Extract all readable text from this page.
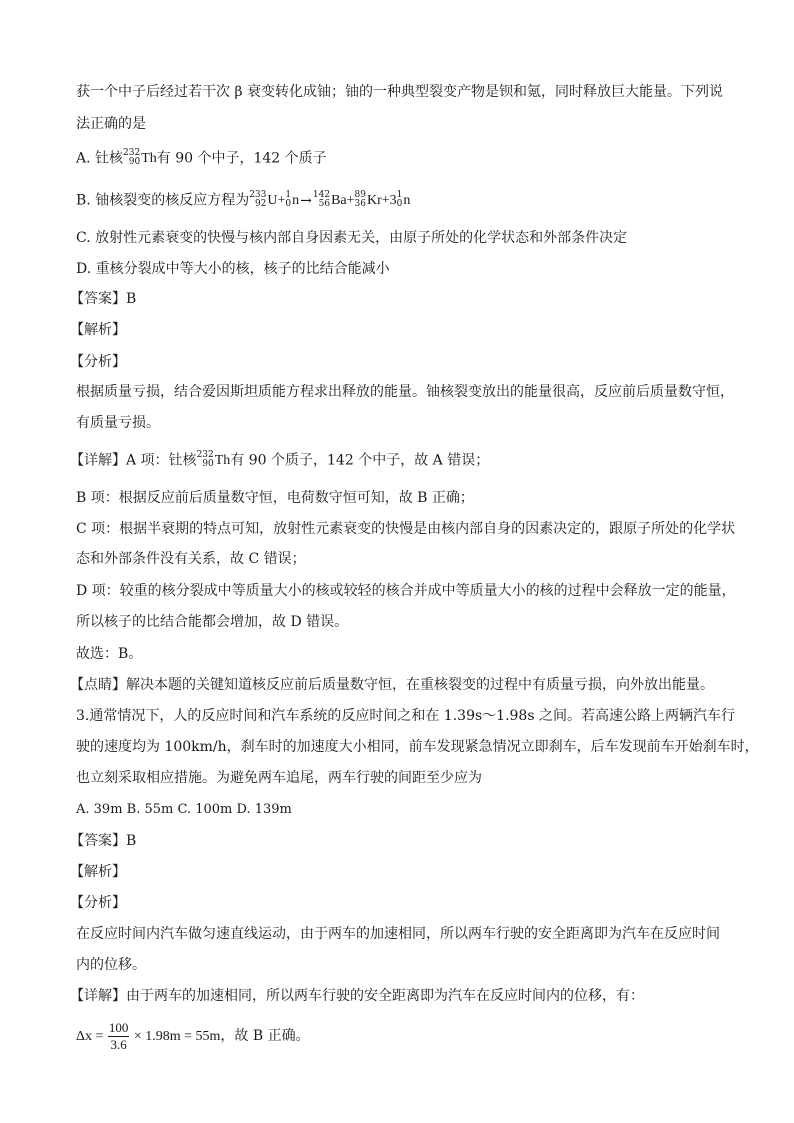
获一个中子后经过若干次 β 衰变转化成铀；铀的一种典型裂变产物是钡和氪，同时释放巨大能量。下列说
法正确的是
A. 钍核 232
90 Th有 90 个中子，142 个质子
B. 铀核裂变的核反应方程为 233
92 U+ 1
0 n→ 142
56 Ba+ 89
36 Kr+3 1
0 n
C. 放射性元素衰变的快慢与核内部自身因素无关，由原子所处的化学状态和外部条件决定
D. 重核分裂成中等大小的核，核子的比结合能减小
【答案】B
【解析】
【分析】
根据质量亏损，结合爱因斯坦质能方程求出释放的能量。铀核裂变放出的能量很高，反应前后质量数守恒，
有质量亏损。
【详解】A 项：钍核 232
90 Th有 90 个质子，142 个中子，故 A 错误；
B 项：根据反应前后质量数守恒，电荷数守恒可知，故 B 正确；
C 项：根据半衰期的特点可知，放射性元素衰变的快慢是由核内部自身的因素决定的，跟原子所处的化学状
态和外部条件没有关系，故 C 错误；
D 项：较重的核分裂成中等质量大小的核或较轻的核合并成中等质量大小的核的过程中会释放一定的能量，
所以核子的比结合能都会增加，故 D 错误。
故选：B。
【点睛】解决本题的关键知道核反应前后质量数守恒，在重核裂变的过程中有质量亏损，向外放出能量。
3.通常情况下，人的反应时间和汽车系统的反应时间之和在 1.39s～1.98s 之间。若高速公路上两辆汽车行
驶的速度均为 100km/h，刹车时的加速度大小相同，前车发现紧急情况立即刹车，后车发现前车开始刹车时，
也立刻采取相应措施。为避免两车追尾，两车行驶的间距至少应为
A. 39m B. 55m C. 100m D. 139m
【答案】B
【解析】
【分析】
在反应时间内汽车做匀速直线运动，由于两车的加速相同，所以两车行驶的安全距离即为汽车在反应时间
内的位移。
【详解】由于两车的加速相同，所以两车行驶的安全距离即为汽车在反应时间内的位移，有：
$\Delta x = \frac{100}{3.6} \times 1.98m = 55m$，故 B 正确。
